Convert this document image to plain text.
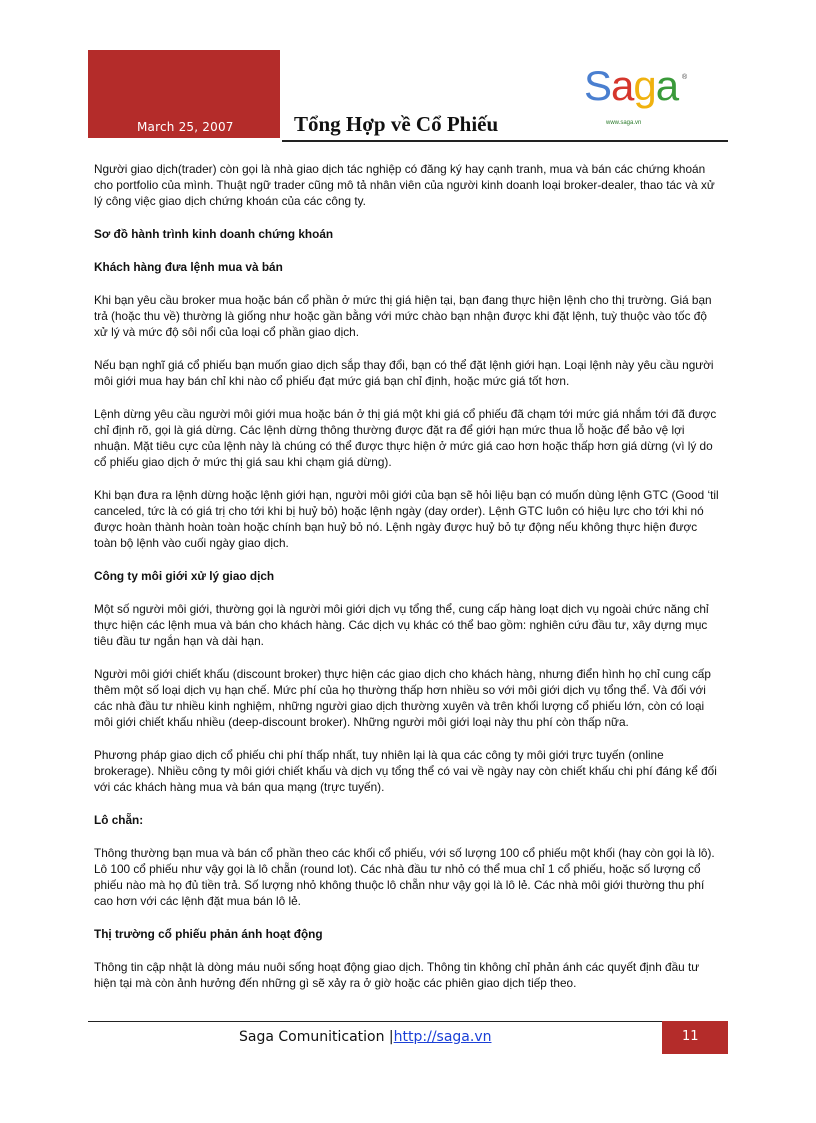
March 25, 2007	Tổng Hợp về Cổ Phiếu
Saga ®
www.saga.vn

Người giao dịch(trader) còn gọi là nhà giao dịch tác nghiệp có đăng ký hay cạnh tranh, mua và bán các chứng khoán cho portfolio của mình. Thuật ngữ trader cũng mô tả nhân viên của người kinh doanh loại broker-dealer, thao tác và xử lý công việc giao dịch chứng khoán của các công ty.

Sơ đồ hành trình kinh doanh chứng khoán
Khách hàng đưa lệnh mua và bán

Khi bạn yêu cầu broker mua hoặc bán cổ phần ở mức thị giá hiện tại, bạn đang thực hiện lệnh cho thị trường. Giá bạn trả (hoặc thu về) thường là giống như hoặc gần bằng với mức chào bạn nhận được khi đặt lệnh, tuỳ thuộc vào tốc độ xử lý và mức độ sôi nổi của loại cổ phần giao dịch.

Nếu bạn nghĩ giá cổ phiếu bạn muốn giao dịch sắp thay đổi, bạn có thể đặt lệnh giới hạn. Loại lệnh này yêu cầu người môi giới mua hay bán chỉ khi nào cổ phiếu đạt mức giá bạn chỉ định, hoặc mức giá tốt hơn.

Lệnh dừng yêu cầu người môi giới mua hoặc bán ở thị giá một khi giá cổ phiếu đã chạm tới mức giá nhắm tới đã được chỉ định rõ, gọi là giá dừng. Các lệnh dừng thông thường được đặt ra để giới hạn mức thua lỗ hoặc để bảo vệ lợi nhuận. Mặt tiêu cực của lệnh này là chúng có thể được thực hiện ở mức giá cao hơn hoặc thấp hơn giá dừng (vì lý do cổ phiếu giao dịch ở mức thị giá sau khi chạm giá dừng).

Khi bạn đưa ra lệnh dừng hoặc lệnh giới hạn, người môi giới của bạn sẽ hỏi liệu bạn có muốn dùng lệnh GTC (Good ‘til canceled, tức là có giá trị cho tới khi bị huỷ bỏ) hoặc lệnh ngày (day order). Lệnh GTC luôn có hiệu lực cho tới khi nó được hoàn thành hoàn toàn hoặc chính bạn huỷ bỏ nó. Lệnh ngày được huỷ bỏ tự động nếu không thực hiện được toàn bộ lệnh vào cuối ngày giao dịch.

Công ty môi giới xử lý giao dịch

Một số người môi giới, thường gọi là người môi giới dịch vụ tổng thể, cung cấp hàng loạt dịch vụ ngoài chức năng chỉ thực hiện các lệnh mua và bán cho khách hàng. Các dịch vụ khác có thể bao gồm: nghiên cứu đầu tư, xây dựng mục tiêu đầu tư ngắn hạn và dài hạn.

Người môi giới chiết khấu (discount broker) thực hiện các giao dịch cho khách hàng, nhưng điển hình họ chỉ cung cấp thêm một số loại dịch vụ hạn chế. Mức phí của họ thường thấp hơn nhiều so với môi giới dịch vụ tổng thể. Và đối với các nhà đầu tư nhiều kinh nghiệm, những người giao dịch thường xuyên và trên khối lượng cổ phiếu lớn, còn có loại môi giới chiết khấu nhiều (deep-discount broker). Những người môi giới loại này thu phí còn thấp nữa.

Phương pháp giao dịch cổ phiếu chi phí thấp nhất, tuy nhiên lại là qua các công ty môi giới trực tuyến (online brokerage). Nhiều công ty môi giới chiết khấu và dịch vụ tổng thể có vai về ngày nay còn chiết khấu chi phí đáng kể đối với các khách hàng mua và bán qua mạng (trực tuyến).

Lô chẵn:

Thông thường bạn mua và bán cổ phần theo các khối cổ phiếu, với số lượng 100 cổ phiếu một khối (hay còn gọi là lô). Lô 100 cổ phiếu như vậy gọi là lô chẵn (round lot). Các nhà đầu tư nhỏ có thể mua chỉ 1 cổ phiếu, hoặc số lượng cổ phiếu nào mà họ đủ tiền trả. Số lượng nhỏ không thuộc lô chẵn như vậy gọi là lô lẻ. Các nhà môi giới thường thu phí cao hơn với các lệnh đặt mua bán lô lẻ.

Thị trường cổ phiếu phản ánh hoạt động

Thông tin cập nhật là dòng máu nuôi sống hoạt động giao dịch. Thông tin không chỉ phản ánh các quyết định đầu tư hiện tại mà còn ảnh hưởng đến những gì sẽ xảy ra ở giờ hoặc các phiên giao dịch tiếp theo.

Saga Comunitication |http://saga.vn	11
